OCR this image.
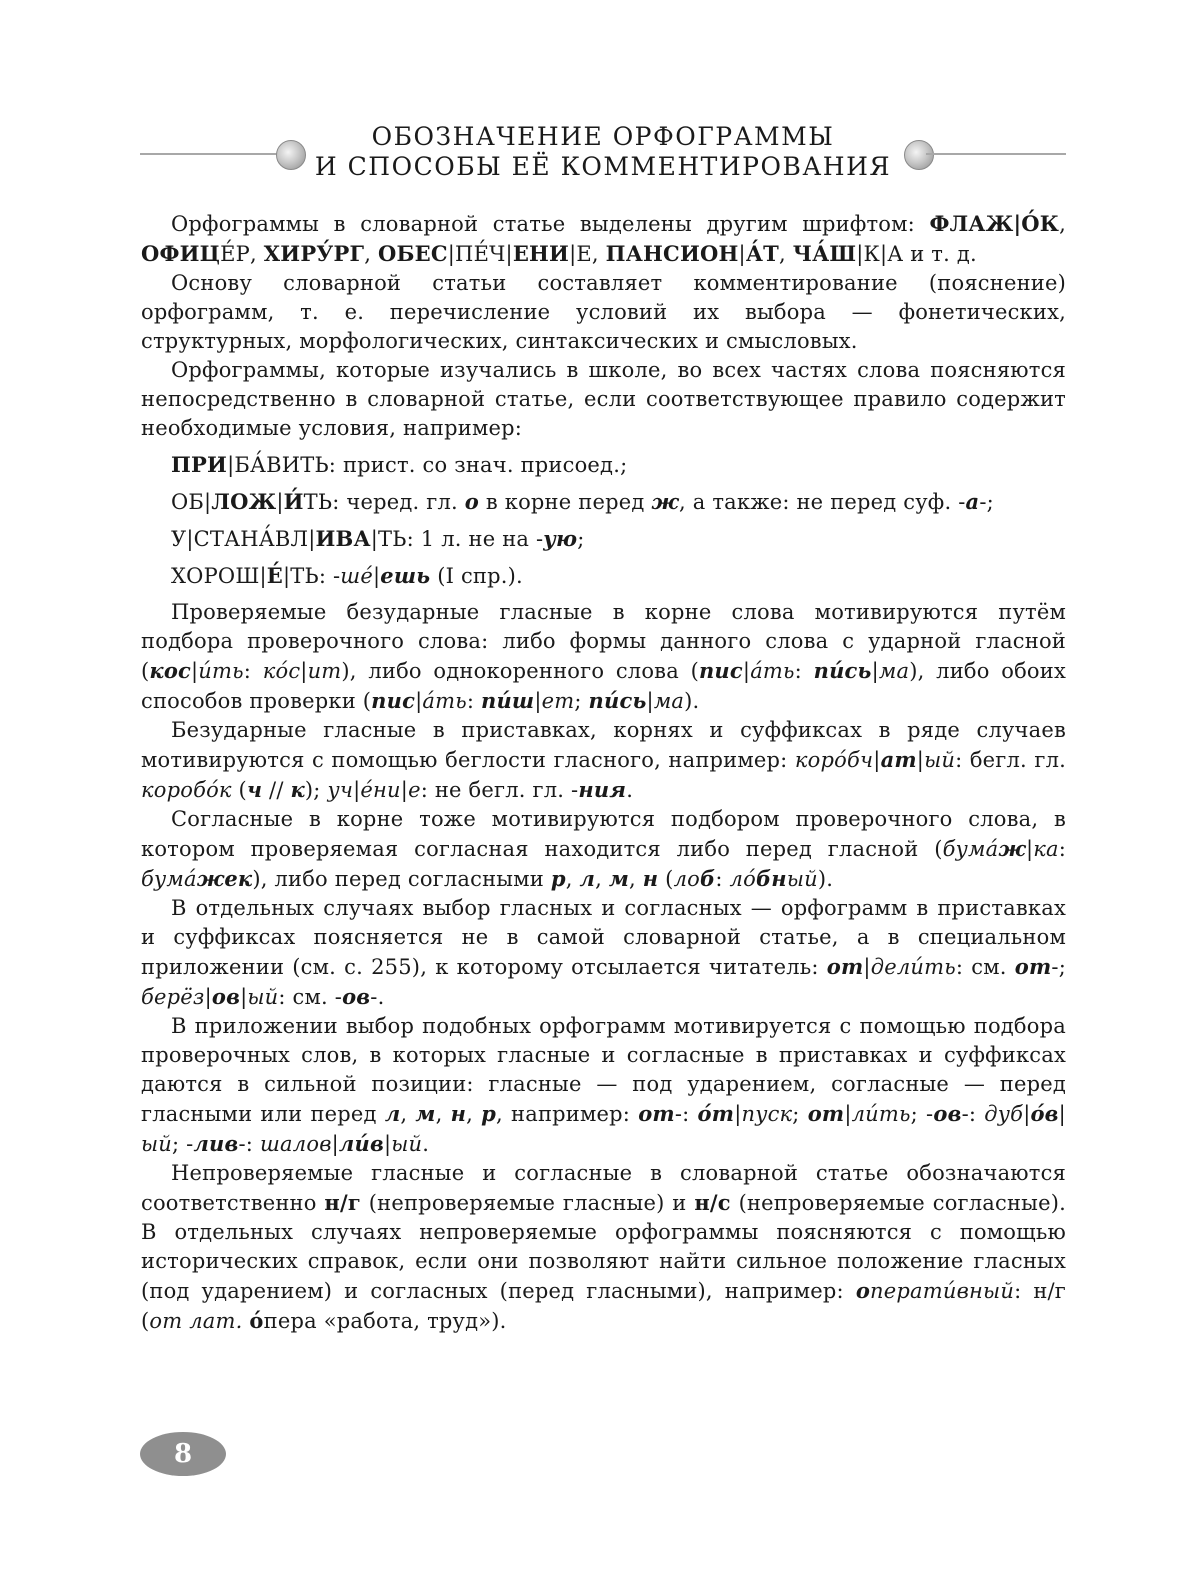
ОБОЗНАЧЕНИЕ ОРФОГРАММЫ
И СПОСОБЫ ЕЁ КОММЕНТИРОВАНИЯ

Орфограммы в словарной статье выделены другим шрифтом: ФЛАЖ|О́К, ОФИЦЕ́Р, ХИРУ́РГ, ОБЕС|ПЕ́Ч|ЕНИ|Е, ПАНСИОН|А́Т, ЧА́Ш|К|А и т. д.

Основу словарной статьи составляет комментирование (пояснение) орфограмм, т. е. перечисление условий их выбора — фонетических, структурных, морфологических, синтаксических и смысловых.

Орфограммы, которые изучались в школе, во всех частях слова поясняются непосредственно в словарной статье, если соответствующее правило содержит необходимые условия, например:

ПРИ|БА́ВИТЬ: прист. со знач. присоед.;

ОБ|ЛОЖ|И́ТЬ: черед. гл. о в корне перед ж, а также: не перед суф. -а-;

У|СТАНА́ВЛ|ИВА|ТЬ: 1 л. не на -ую;

ХОРОШ|Е́|ТЬ: -ше́|ешь (I спр.).

Проверяемые безударные гласные в корне слова мотивируются путём подбора проверочного слова: либо формы данного слова с ударной гласной (кос|и́ть: ко́с|ит), либо однокоренного слова (пис|а́ть: пи́сь|ма), либо обоих способов проверки (пис|а́ть: пи́ш|ет; пи́сь|ма).

Безударные гласные в приставках, корнях и суффиксах в ряде случаев мотивируются с помощью беглости гласного, например: коро́бч|ат|ый: бегл. гл. коробо́к (ч // к); уч|е́ни|е: не бегл. гл. -ния.

Согласные в корне тоже мотивируются подбором проверочного слова, в котором проверяемая согласная находится либо перед гласной (бума́ж|ка: бума́жек), либо перед согласными р, л, м, н (лоб: ло́бный).

В отдельных случаях выбор гласных и согласных — орфограмм в приставках и суффиксах поясняется не в самой словарной статье, а в специальном приложении (см. с. 255), к которому отсылается читатель: от|дели́ть: см. от-; берёз|ов|ый: см. -ов-.

В приложении выбор подобных орфограмм мотивируется с помощью подбора проверочных слов, в которых гласные и согласные в приставках и суффиксах даются в сильной позиции: гласные — под ударением, согласные — перед гласными или перед л, м, н, р, например: от-: о́т|пуск; от|ли́ть; -ов-: дуб|о́в|ый; -лив-: шалов|ли́в|ый.

Непроверяемые гласные и согласные в словарной статье обозначаются соответственно н/г (непроверяемые гласные) и н/с (непроверяемые согласные). В отдельных случаях непроверяемые орфограммы поясняются с помощью исторических справок, если они позволяют найти сильное положение гласных (под ударением) и согласных (перед гласными), например: операти́вный: н/г (от лат. о́пера «работа, труд»).

8
